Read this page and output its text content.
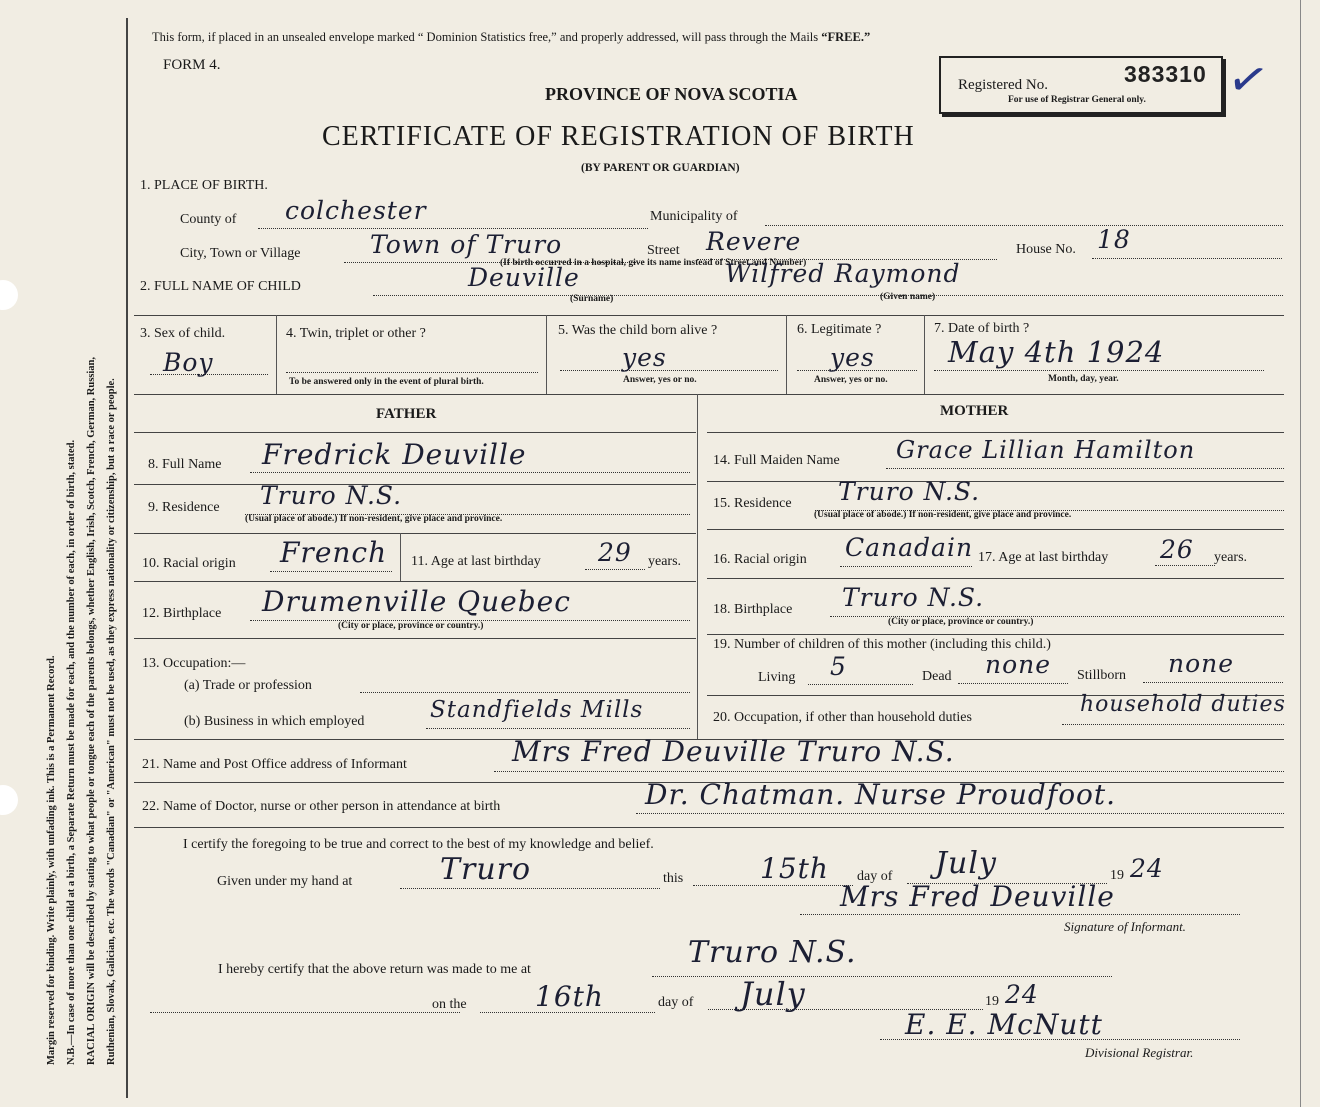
Margin reserved for binding. Write plainly, with unfading ink. This is a Permanent Record. N.B.—In case of more than one child at a birth, a Separate Return must be made for each, and the number of each, in order of birth, stated. RACIAL ORIGIN will be described by stating to what people or tongue each of the parents belongs, whether English, Irish, Scotch, French, German, Russian, Ruthenian, Slovak, Galician, etc. The words "Canadian" or "American" must not be used, as they express nationality or citizenship, but a race or people.
This form, if placed in an unsealed envelope marked “ Dominion Statistics free,” and properly addressed, will pass through the Mails “FREE.”
FORM 4.
PROVINCE OF NOVA SCOTIA
CERTIFICATE OF REGISTRATION OF BIRTH
(BY PARENT OR GUARDIAN)
Registered No.	383310
For use of Registrar General only. ✓
1. PLACE OF BIRTH.
County of colchester	Municipality of
City, Town or Village	Town of Truro	Street Revere	House No. 18
(If birth occurred in a hospital, give its name instead of Street and Number)
2. FULL NAME OF CHILD	Deuville	Wilfred Raymond
(Surname)	(Given name)
3. Sex of child.
Boy
4. Twin, triplet or other ?
To be answered only in the event of plural birth.
5. Was the child born alive ?
yes
Answer, yes or no.
6. Legitimate ?
yes
Answer, yes or no.
7. Date of birth ?
May 4th 1924
Month, day, year.
FATHER	MOTHER
8. Full Name Fredrick Deuville
9. Residence Truro N.S.
(Usual place of abode.) If non-resident, give place and province.
10. Racial origin French 11. Age at last birthday 29 years.
12. Birthplace Drumenville Quebec
(City or place, province or country.)
13. Occupation:—
(a) Trade or profession
(b) Business in which employed	Standfields Mills
14. Full Maiden Name Grace Lillian Hamilton
15. Residence Truro N.S.
(Usual place of abode.) If non-resident, give place and province.
16. Racial origin Canadain 17. Age at last birthday 26 years.
18. Birthplace Truro N.S.
(City or place, province or country.)
19. Number of children of this mother (including this child.)
Living 5	Dead none Stillborn none
20. Occupation, if other than household duties
household duties
21. Name and Post Office address of Informant	Mrs Fred Deuville Truro N.S.
22. Name of Doctor, nurse or other person in attendance at birth	Dr. Chatman. Nurse Proudfoot.
I certify the foregoing to be true and correct to the best of my knowledge and belief.
Given under my hand at	Truro	this	15th day of July	19 24
Mrs Fred Deuville
Signature of Informant.
I hereby certify that the above return was made to me at	Truro N.S.
on the 16th	day of July	19 24
E. E. McNutt
Divisional Registrar.
